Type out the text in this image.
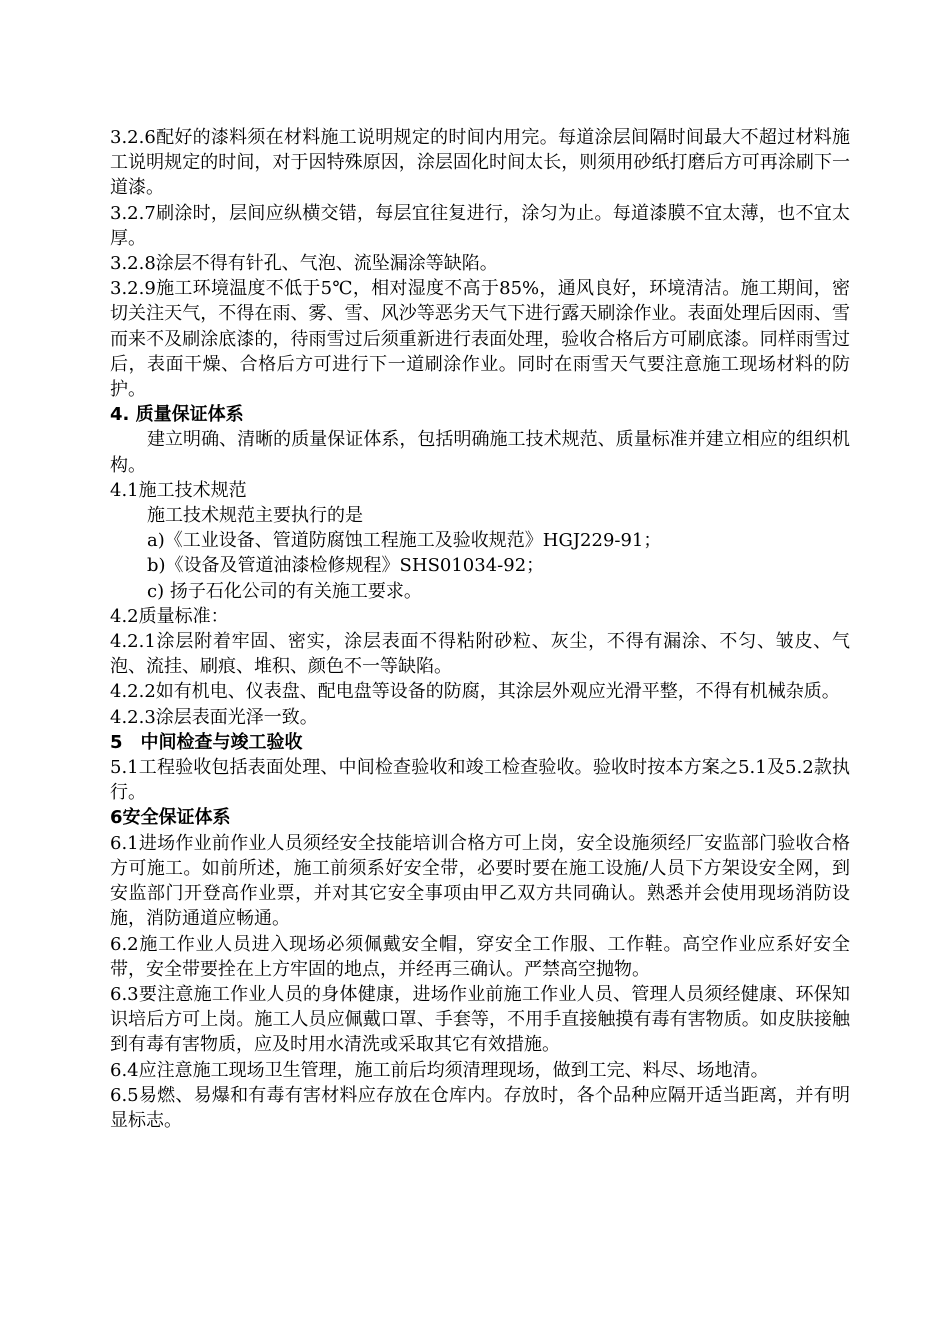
3.2.6配好的漆料须在材料施工说明规定的时间内用完。每道涂层间隔时间最大不超过材料施工说明规定的时间，对于因特殊原因，涂层固化时间太长，则须用砂纸打磨后方可再涂刷下一道漆。

3.2.7刷涂时，层间应纵横交错，每层宜往复进行，涂匀为止。每道漆膜不宜太薄，也不宜太厚。

3.2.8涂层不得有针孔、气泡、流坠漏涂等缺陷。

3.2.9施工环境温度不低于5℃，相对湿度不高于85%，通风良好，环境清洁。施工期间，密切关注天气，不得在雨、雾、雪、风沙等恶劣天气下进行露天刷涂作业。表面处理后因雨、雪而来不及刷涂底漆的，待雨雪过后须重新进行表面处理，验收合格后方可刷底漆。同样雨雪过后，表面干燥、合格后方可进行下一道刷涂作业。同时在雨雪天气要注意施工现场材料的防护。

4. 质量保证体系

建立明确、清晰的质量保证体系，包括明确施工技术规范、质量标准并建立相应的组织机构。

4.1施工技术规范

施工技术规范主要执行的是

a)《工业设备、管道防腐蚀工程施工及验收规范》HGJ229-91；

b)《设备及管道油漆检修规程》SHS01034-92；

c) 扬子石化公司的有关施工要求。

4.2质量标准：

4.2.1涂层附着牢固、密实，涂层表面不得粘附砂粒、灰尘，不得有漏涂、不匀、皱皮、气泡、流挂、刷痕、堆积、颜色不一等缺陷。

4.2.2如有机电、仪表盘、配电盘等设备的防腐，其涂层外观应光滑平整，不得有机械杂质。

4.2.3涂层表面光泽一致。

5　中间检查与竣工验收

5.1工程验收包括表面处理、中间检查验收和竣工检查验收。验收时按本方案之5.1及5.2款执行。

6安全保证体系

6.1进场作业前作业人员须经安全技能培训合格方可上岗，安全设施须经厂安监部门验收合格方可施工。如前所述，施工前须系好安全带，必要时要在施工设施/人员下方架设安全网，到安监部门开登高作业票，并对其它安全事项由甲乙双方共同确认。熟悉并会使用现场消防设施，消防通道应畅通。

6.2施工作业人员进入现场必须佩戴安全帽，穿安全工作服、工作鞋。高空作业应系好安全带，安全带要拴在上方牢固的地点，并经再三确认。严禁高空抛物。

6.3要注意施工作业人员的身体健康，进场作业前施工作业人员、管理人员须经健康、环保知识培后方可上岗。施工人员应佩戴口罩、手套等，不用手直接触摸有毒有害物质。如皮肤接触到有毒有害物质，应及时用水清洗或采取其它有效措施。

6.4应注意施工现场卫生管理，施工前后均须清理现场，做到工完、料尽、场地清。

6.5易燃、易爆和有毒有害材料应存放在仓库内。存放时，各个品种应隔开适当距离，并有明显标志。
